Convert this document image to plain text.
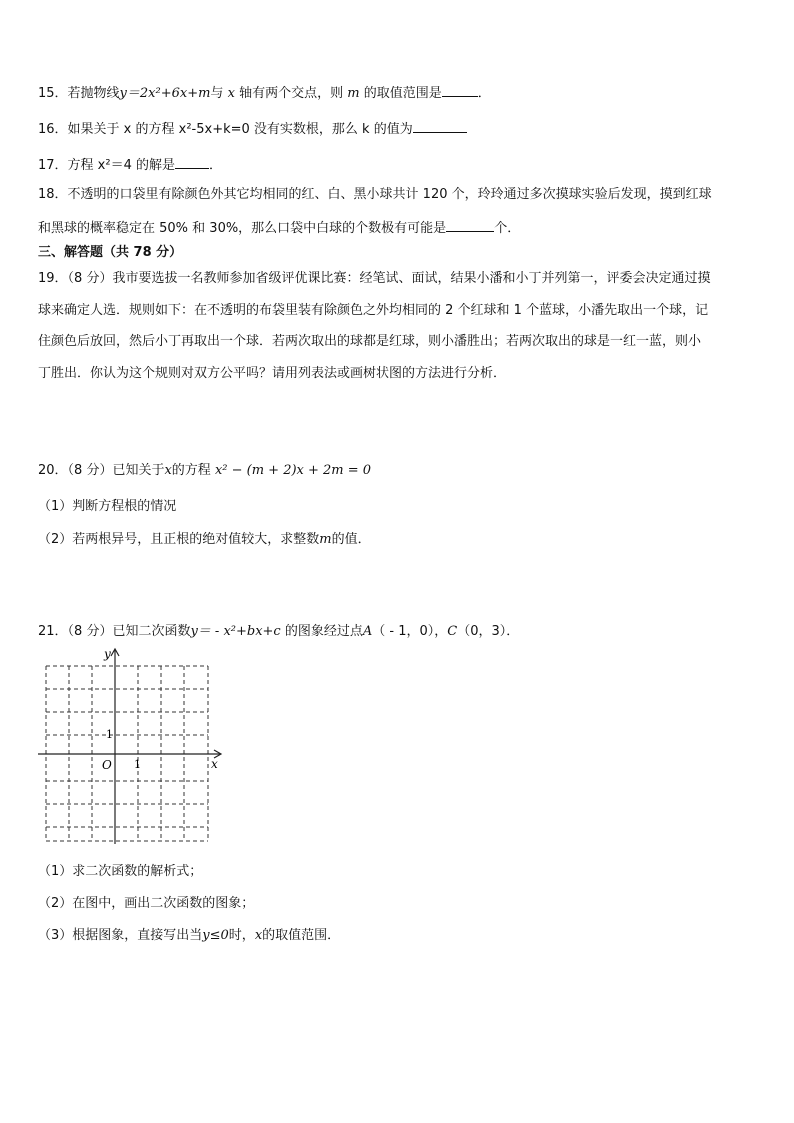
15．若抛物线y＝2x²+6x+m与 x 轴有两个交点，则 m 的取值范围是	．
16．如果关于 x 的方程 x²-5x+k=0 没有实数根，那么 k 的值为
17．方程 x²＝4 的解是	．
18．不透明的口袋里有除颜色外其它均相同的红、白、黑小球共计 120 个，玲玲通过多次摸球实验后发现，摸到红球
和黑球的概率稳定在 50% 和 30%，那么口袋中白球的个数极有可能是	个．
三、解答题（共 78 分）
19．（8 分）我市要选拔一名教师参加省级评优课比赛：经笔试、面试，结果小潘和小丁并列第一，评委会决定通过摸
球来确定人选．规则如下：在不透明的布袋里装有除颜色之外均相同的 2 个红球和 1 个蓝球，小潘先取出一个球，记
住颜色后放回，然后小丁再取出一个球．若两次取出的球都是红球，则小潘胜出；若两次取出的球是一红一蓝，则小
丁胜出．你认为这个规则对双方公平吗？请用列表法或画树状图的方法进行分析．
20．（8 分）已知关于x的方程 x² − (m + 2)x + 2m = 0
（1）判断方程根的情况
（2）若两根异号，且正根的绝对值较大，求整数m的值．
21．（8 分）已知二次函数y＝ - x²+bx+c 的图象经过点A（ - 1，0），C（0，3）．
x
y
O 1
1
（1）求二次函数的解析式；
（2）在图中，画出二次函数的图象；
（3）根据图象，直接写出当y≤0时，x的取值范围．
